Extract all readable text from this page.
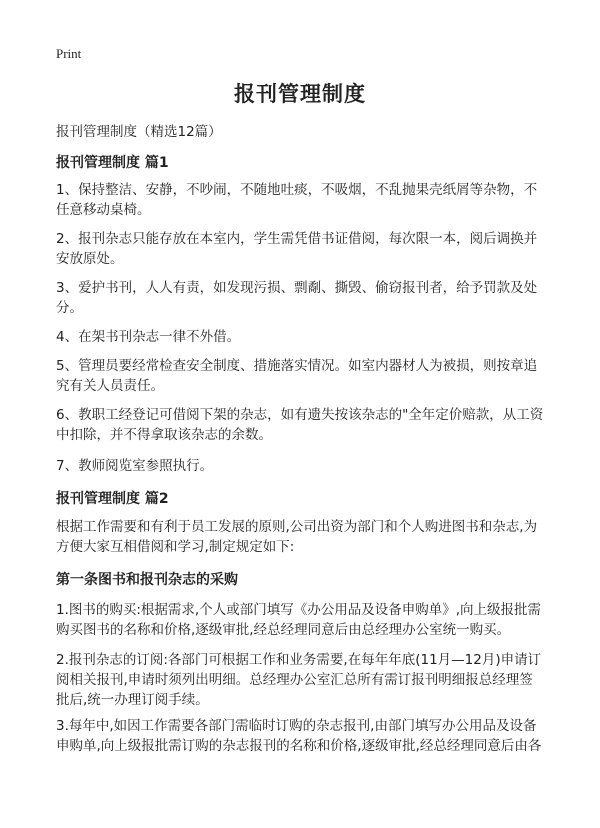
Print
报刊管理制度
报刊管理制度（精选12篇）
报刊管理制度 篇1
1、保持整洁、安静，不吵闹，不随地吐痰，不吸烟，不乱抛果壳纸屑等杂物，不任意移动桌椅。
2、报刊杂志只能存放在本室内，学生需凭借书证借阅，每次限一本，阅后调换并安放原处。
3、爱护书刊，人人有责，如发现污损、剽劀、撕毁、偷窃报刊者，给予罚款及处分。
4、在架书刊杂志一律不外借。
5、管理员要经常检查安全制度、措施落实情况。如室内器材人为被损，则按章追究有关人员责任。
6、教职工经登记可借阅下架的杂志，如有遗失按该杂志的"全年定价赔款，从工资中扣除，并不得拿取该杂志的余数。
7、教师阅览室参照执行。
报刊管理制度 篇2
根据工作需要和有利于员工发展的原则,公司出资为部门和个人购进图书和杂志,为方便大家互相借阅和学习,制定规定如下:
第一条图书和报刊杂志的采购
1.图书的购买:根据需求,个人或部门填写《办公用品及设备申购单》,向上级报批需购买图书的名称和价格,逐级审批,经总经理同意后由总经理办公室统一购买。
2.报刊杂志的订阅:各部门可根据工作和业务需要,在每年年底(11月—12月)申请订阅相关报刊,申请时须列出明细。总经理办公室汇总所有需订报刊明细报总经理签批后,统一办理订阅手续。
3.每年中,如因工作需要各部门需临时订购的杂志报刊,由部门填写办公用品及设备申购单,向上级报批需订购的杂志报刊的名称和价格,逐级审批,经总经理同意后由各
